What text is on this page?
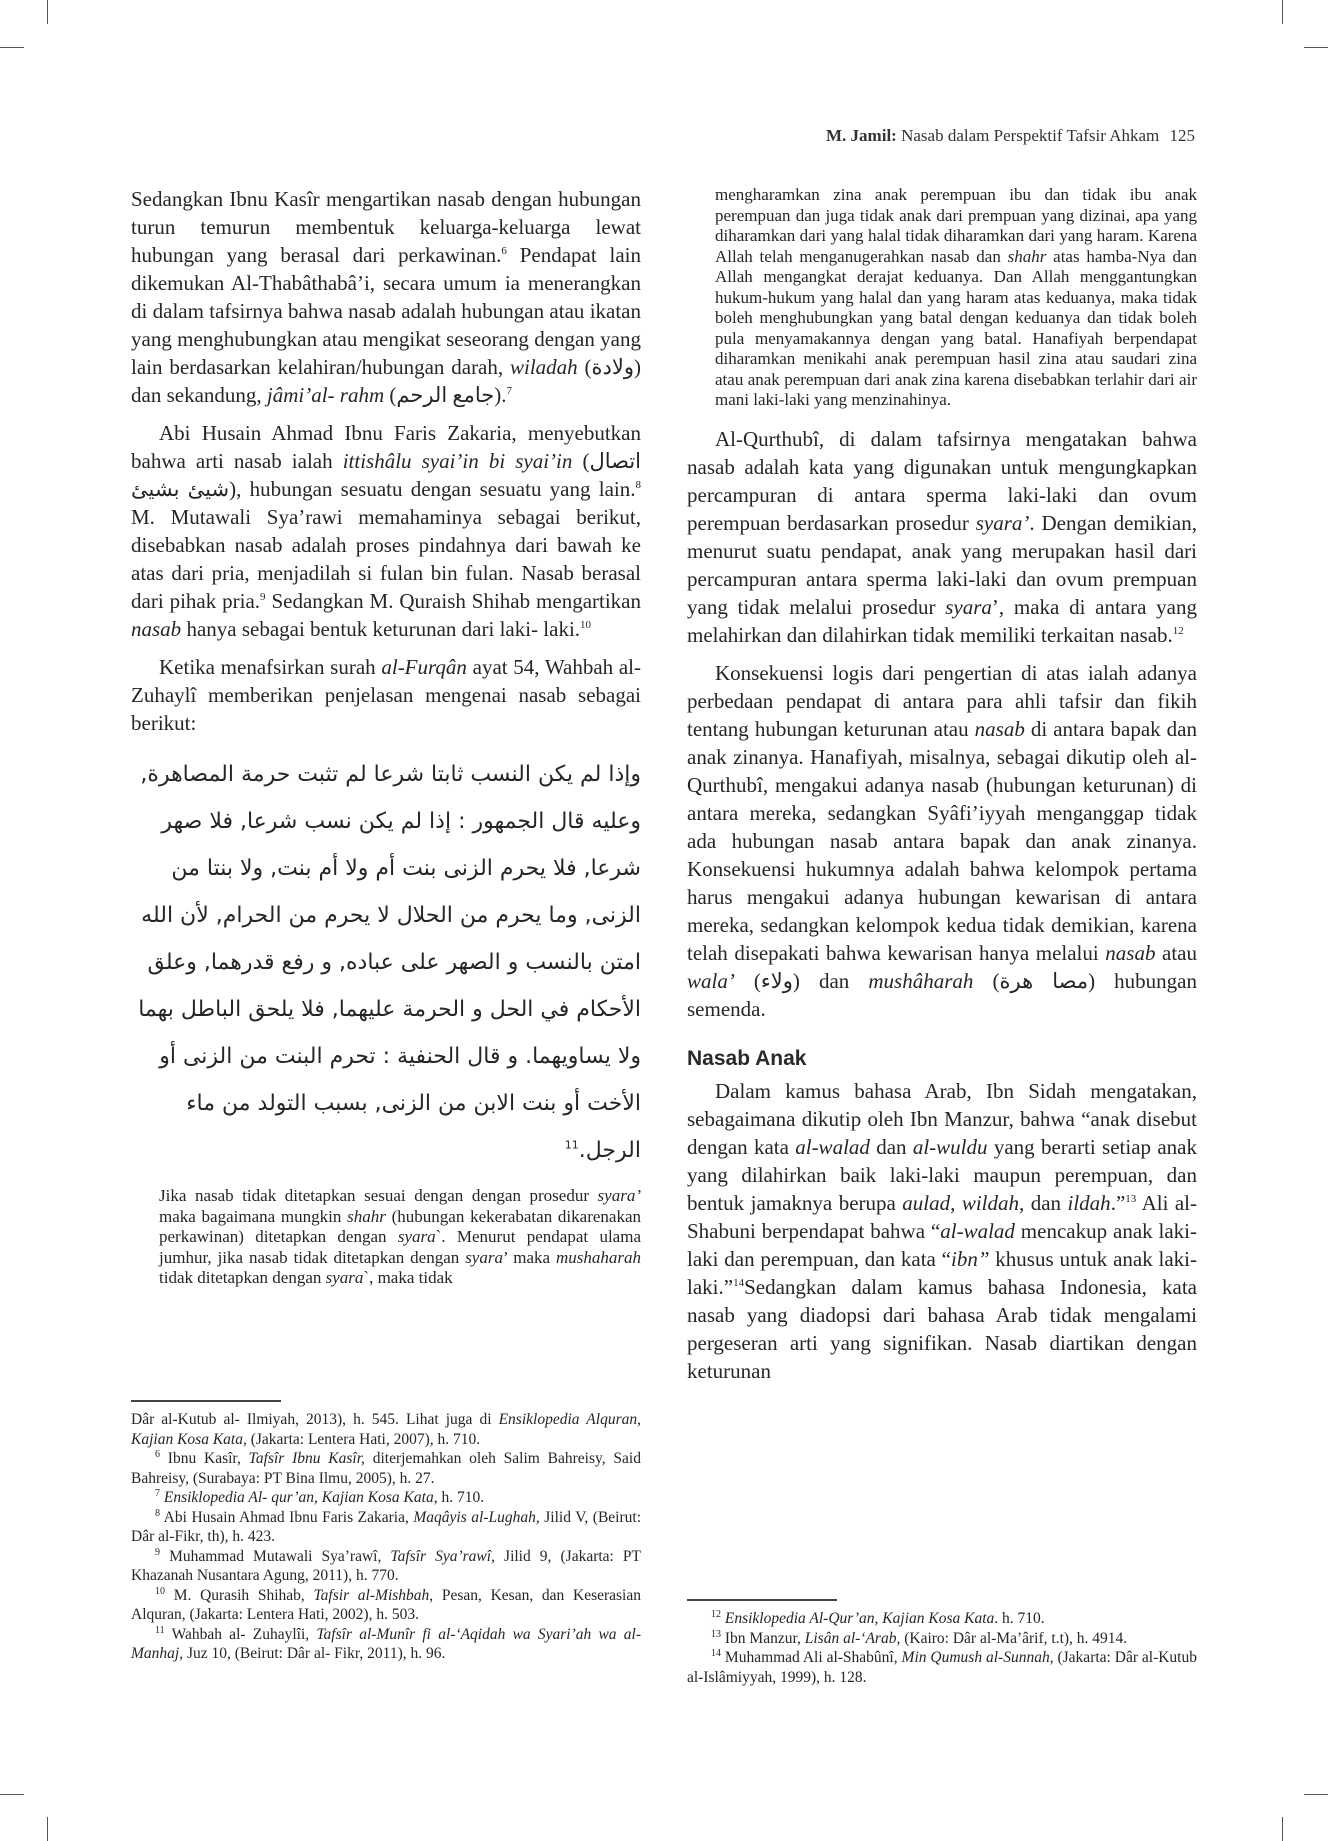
M. Jamil: Nasab dalam Perspektif Tafsir Ahkam 125

Sedangkan Ibnu Kasîr mengartikan nasab dengan hubungan turun temurun membentuk keluarga-keluarga lewat hubungan yang berasal dari perkawinan.$^6$ Pendapat lain dikemukan Al-Thabâthabâ’i, secara umum ia menerangkan di dalam tafsirnya bahwa nasab adalah hubungan atau ikatan yang menghubungkan atau mengikat seseorang dengan yang lain berdasarkan kelahiran/hubungan darah, wiladah (ولادة) dan sekandung, jâmi’al- rahm (جامع الرحم).$^7$

Abi Husain Ahmad Ibnu Faris Zakaria, menyebutkan bahwa arti nasab ialah ittishâlu syai’in bi syai’in (اتصال شيئ بشيئ), hubungan sesuatu dengan sesuatu yang lain.$^8$ M. Mutawali Sya’rawi memahaminya sebagai berikut, disebabkan nasab adalah proses pindahnya dari bawah ke atas dari pria, menjadilah si fulan bin fulan. Nasab berasal dari pihak pria.$^9$ Sedangkan M. Quraish Shihab mengartikan nasab hanya sebagai bentuk keturunan dari laki- laki.$^{10}$

Ketika menafsirkan surah al-Furqân ayat 54, Wahbah al-Zuhaylî memberikan penjelasan mengenai nasab sebagai berikut:

وإذا لم يكن النسب ثابتا شرعا لم تثبت حرمة المصاهرة,
وعليه قال الجمهور : إذا لم يكن نسب شرعا, فلا صهر
شرعا, فلا يحرم الزنى بنت أم ولا أم بنت, ولا بنتا من
الزنى, وما يحرم من الحلال لا يحرم من الحرام, لأن الله
امتن بالنسب و الصهر على عباده, و رفع قدرهما, وعلق
الأحكام في الحل و الحرمة عليهما, فلا يلحق الباطل بهما
ولا يساويهما. و قال الحنفية : تحرم البنت من الزنى أو
الأخت أو بنت الابن من الزنى, بسبب التولد من ماء
الرجل.$^{11}$

Jika nasab tidak ditetapkan sesuai dengan dengan prosedur syara’ maka bagaimana mungkin shahr (hubungan kekerabatan dikarenakan perkawinan) ditetapkan dengan syara`. Menurut pendapat ulama jumhur, jika nasab tidak ditetapkan dengan syara’ maka mushaharah tidak ditetapkan dengan syara`, maka tidak

Dâr al-Kutub al- Ilmiyah, 2013), h. 545. Lihat juga di Ensiklopedia Alquran, Kajian Kosa Kata, (Jakarta: Lentera Hati, 2007), h. 710.

$^6$ Ibnu Kasîr, Tafsîr Ibnu Kasîr, diterjemahkan oleh Salim Bahreisy, Said Bahreisy, (Surabaya: PT Bina Ilmu, 2005), h. 27.

$^7$ Ensiklopedia Al- qur’an, Kajian Kosa Kata, h. 710.

$^8$ Abi Husain Ahmad Ibnu Faris Zakaria, Maqâyis al-Lughah, Jilid V, (Beirut: Dâr al-Fikr, th), h. 423.

$^9$ Muhammad Mutawali Sya’rawî, Tafsîr Sya’rawî, Jilid 9, (Jakarta: PT Khazanah Nusantara Agung, 2011), h. 770.

$^{10}$ M. Qurasih Shihab, Tafsir al-Mishbah, Pesan, Kesan, dan Keserasian Alquran, (Jakarta: Lentera Hati, 2002), h. 503.

$^{11}$ Wahbah al- Zuhaylîi, Tafsîr al-Munîr fi al-‘Aqidah wa Syari’ah wa al-Manhaj, Juz 10, (Beirut: Dâr al- Fikr, 2011), h. 96.

mengharamkan zina anak perempuan ibu dan tidak ibu anak perempuan dan juga tidak anak dari prempuan yang dizinai, apa yang diharamkan dari yang halal tidak diharamkan dari yang haram. Karena Allah telah menganugerahkan nasab dan shahr atas hamba-Nya dan Allah mengangkat derajat keduanya. Dan Allah menggantungkan hukum-hukum yang halal dan yang haram atas keduanya, maka tidak boleh menghubungkan yang batal dengan keduanya dan tidak boleh pula menyamakannya dengan yang batal. Hanafiyah berpendapat diharamkan menikahi anak perempuan hasil zina atau saudari zina atau anak perempuan dari anak zina karena disebabkan terlahir dari air mani laki-laki yang menzinahinya.

Al-Qurthubî, di dalam tafsirnya mengatakan bahwa nasab adalah kata yang digunakan untuk mengungkapkan percampuran di antara sperma laki-laki dan ovum perempuan berdasarkan prosedur syara’. Dengan demikian, menurut suatu pendapat, anak yang merupakan hasil dari percampuran antara sperma laki-laki dan ovum prempuan yang tidak melalui prosedur syara’, maka di antara yang melahirkan dan dilahirkan tidak memiliki terkaitan nasab.$^{12}$

Konsekuensi logis dari pengertian di atas ialah adanya perbedaan pendapat di antara para ahli tafsir dan fikih tentang hubungan keturunan atau nasab di antara bapak dan anak zinanya. Hanafiyah, misalnya, sebagai dikutip oleh al-Qurthubî, mengakui adanya nasab (hubungan keturunan) di antara mereka, sedangkan Syâfi’iyyah menganggap tidak ada hubungan nasab antara bapak dan anak zinanya. Konsekuensi hukumnya adalah bahwa kelompok pertama harus mengakui adanya hubungan kewarisan di antara mereka, sedangkan kelompok kedua tidak demikian, karena telah disepakati bahwa kewarisan hanya melalui nasab atau wala’ (ولاء) dan mushâharah (مصا هرة) hubungan semenda.

Nasab Anak

Dalam kamus bahasa Arab, Ibn Sidah mengatakan, sebagaimana dikutip oleh Ibn Manzur, bahwa “anak disebut dengan kata al-walad dan al-wuldu yang berarti setiap anak yang dilahirkan baik laki-laki maupun perempuan, dan bentuk jamaknya berupa aulad, wildah, dan ildah.”$^{13}$ Ali al-Shabuni berpendapat bahwa “al-walad mencakup anak laki-laki dan perempuan, dan kata “ibn” khusus untuk anak laki-laki.”$^{14}$Sedangkan dalam kamus bahasa Indonesia, kata nasab yang diadopsi dari bahasa Arab tidak mengalami pergeseran arti yang signifikan. Nasab diartikan dengan keturunan

$^{12}$ Ensiklopedia Al-Qur’an, Kajian Kosa Kata. h. 710.

$^{13}$ Ibn Manzur, Lisân al-‘Arab, (Kairo: Dâr al-Ma’ârif, t.t), h. 4914.

$^{14}$ Muhammad Ali al-Shabûnî, Min Qumush al-Sunnah, (Jakarta: Dâr al-Kutub al-Islâmiyyah, 1999), h. 128.
